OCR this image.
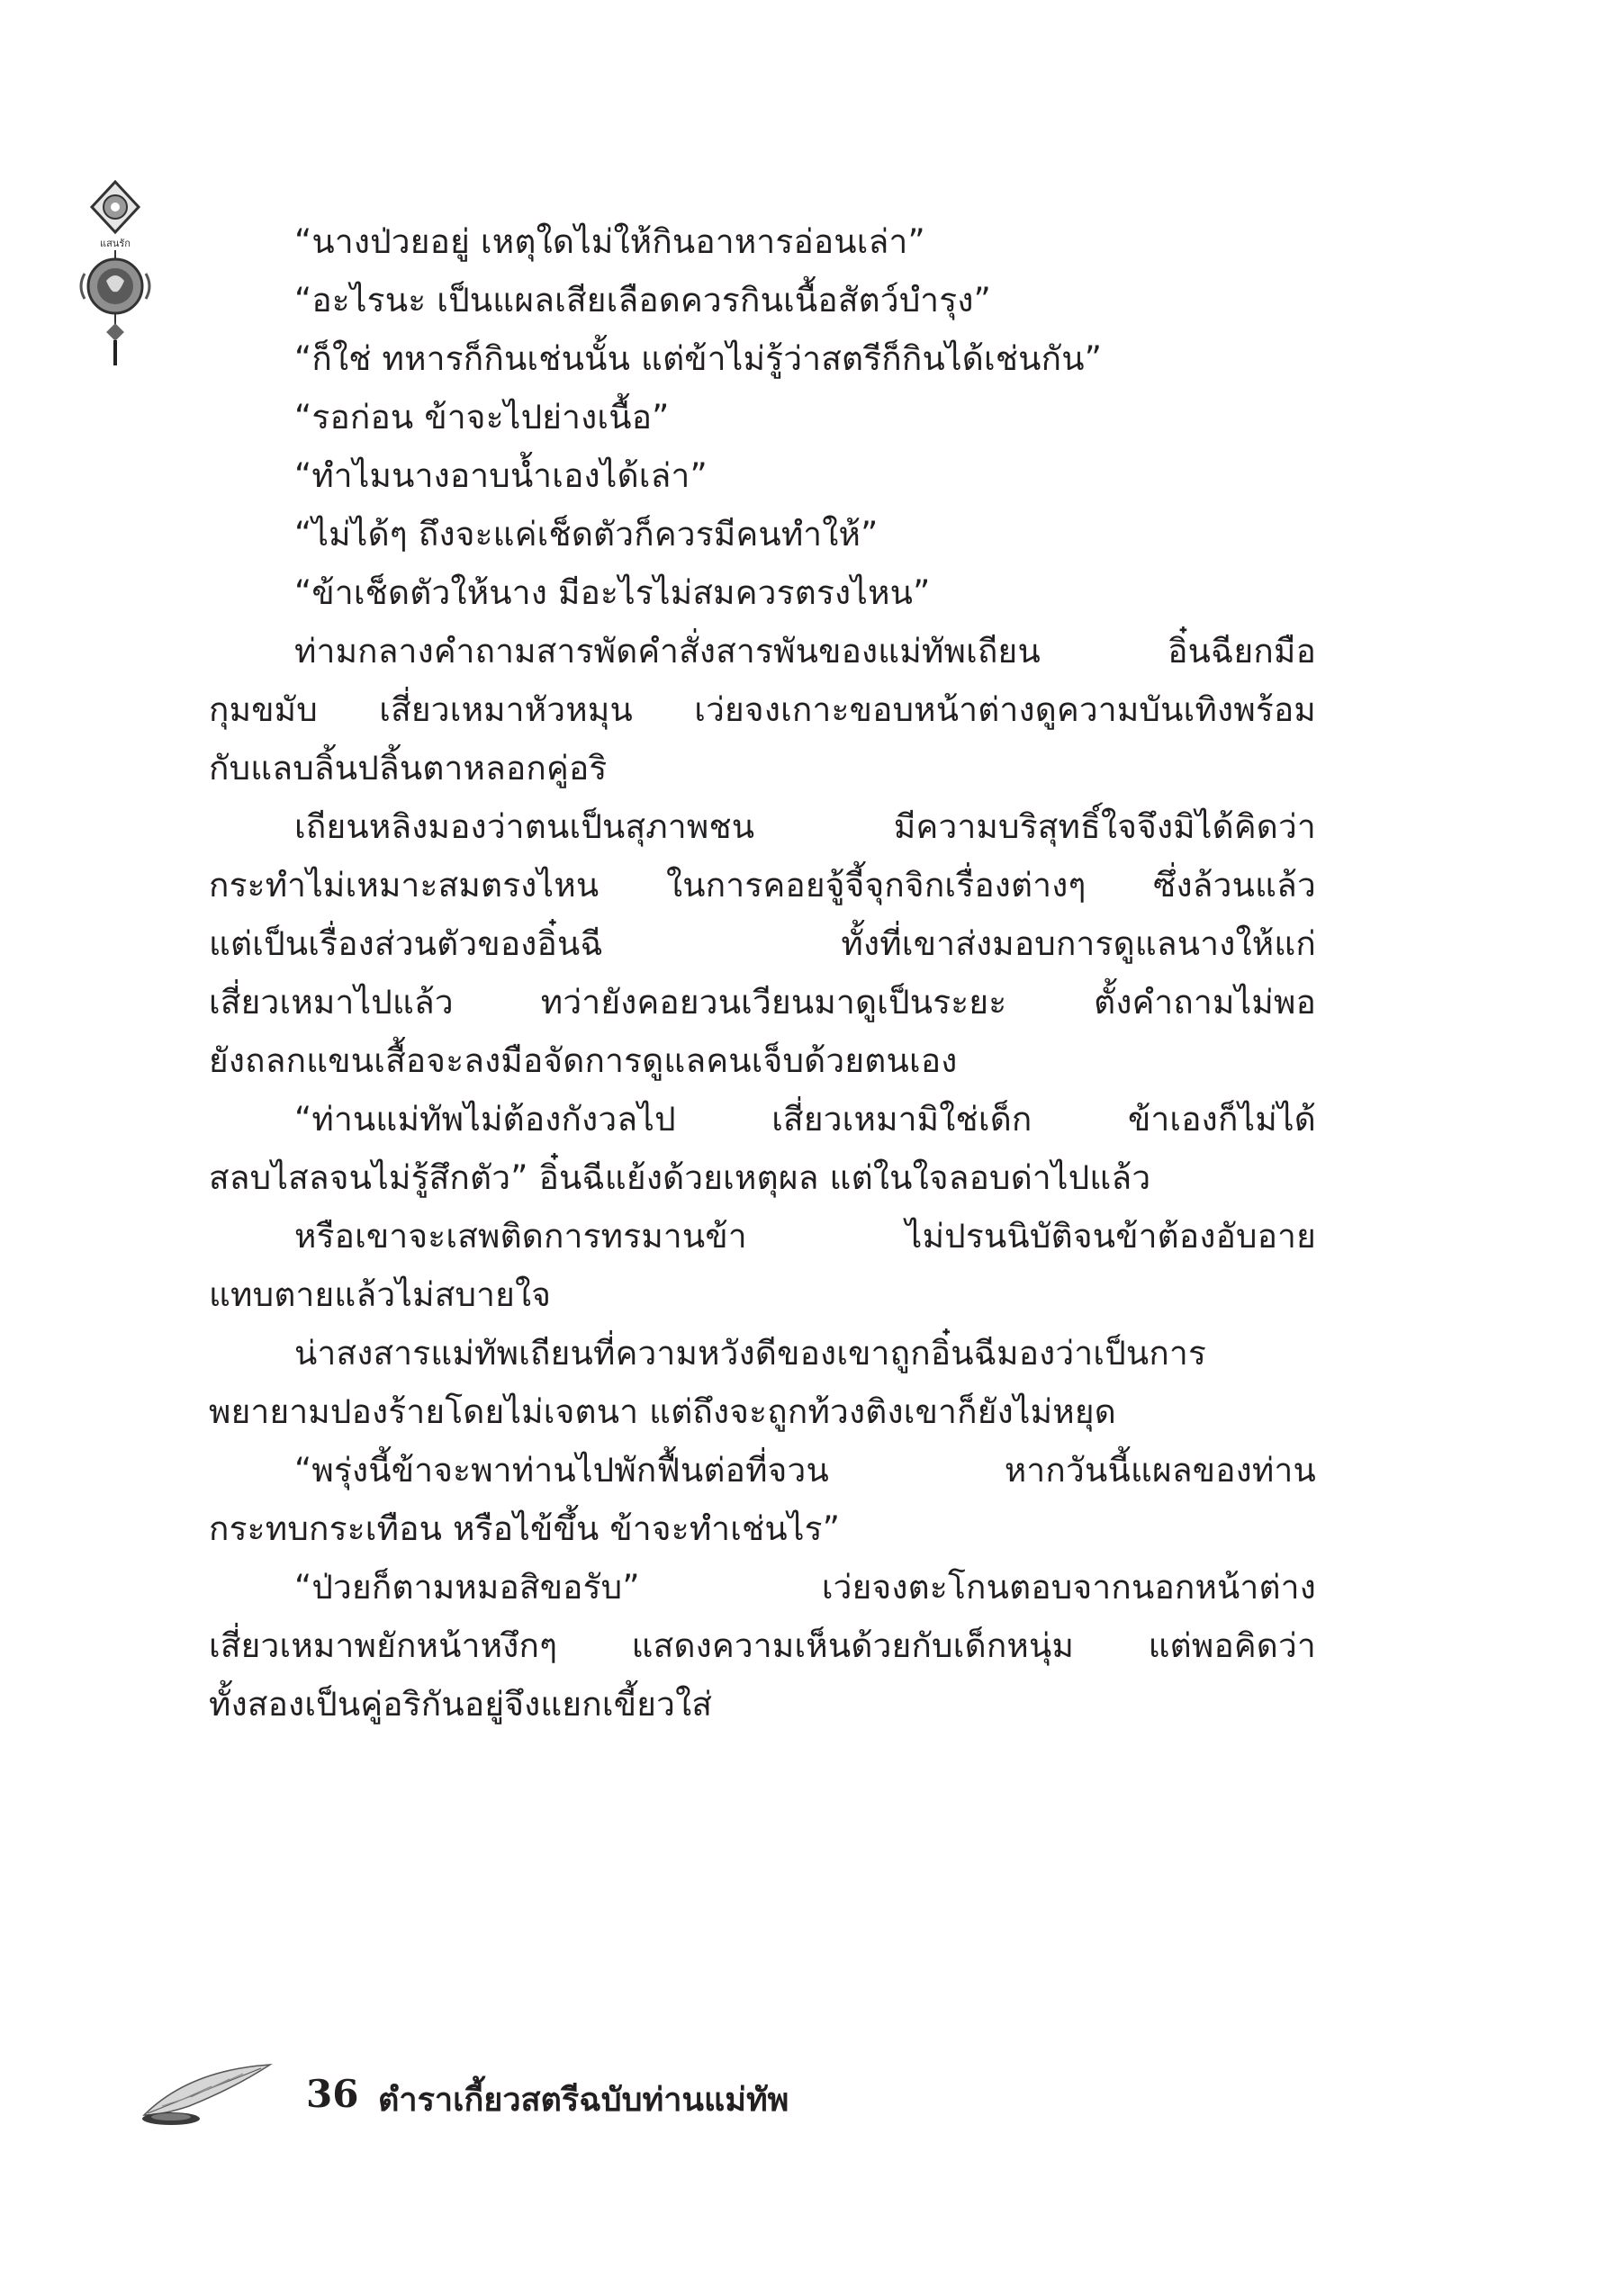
แสนรัก	“นางป่วยอยู่ เหตุใดไม่ให้กินอาหารอ่อนเล่า”
“อะไรนะ เป็นแผลเสียเลือดควรกินเนื้อสัตว์บำรุง”
“ก็ใช่ ทหารก็กินเช่นนั้น แต่ข้าไม่รู้ว่าสตรีก็กินได้เช่นกัน”
“รอก่อน ข้าจะไปย่างเนื้อ”
“ทำไมนางอาบน้ำเองได้เล่า”
“ไม่ได้ๆ ถึงจะแค่เช็ดตัวก็ควรมีคนทำให้”
“ข้าเช็ดตัวให้นาง มีอะไรไม่สมควรตรงไหน”
ท่ามกลางคำถามสารพัดคำสั่งสารพันของแม่ทัพเถียน อิ๋นฉียกมือ
กุมขมับ เสี่ยวเหมาหัวหมุน เว่ยจงเกาะขอบหน้าต่างดูความบันเทิงพร้อม
กับแลบลิ้นปลิ้นตาหลอกคู่อริ
เถียนหลิงมองว่าตนเป็นสุภาพชน มีความบริสุทธิ์ใจจึงมิได้คิดว่า
กระทำไม่เหมาะสมตรงไหน ในการคอยจู้จี้จุกจิกเรื่องต่างๆ ซึ่งล้วนแล้ว
แต่เป็นเรื่องส่วนตัวของอิ๋นฉี ทั้งที่เขาส่งมอบการดูแลนางให้แก่
เสี่ยวเหมาไปแล้ว ทว่ายังคอยวนเวียนมาดูเป็นระยะ ตั้งคำถามไม่พอ
ยังถลกแขนเสื้อจะลงมือจัดการดูแลคนเจ็บด้วยตนเอง
“ท่านแม่ทัพไม่ต้องกังวลไป เสี่ยวเหมามิใช่เด็ก ข้าเองก็ไม่ได้
สลบไสลจนไม่รู้สึกตัว” อิ๋นฉีแย้งด้วยเหตุผล แต่ในใจลอบด่าไปแล้ว
หรือเขาจะเสพติดการทรมานข้า ไม่ปรนนิบัติจนข้าต้องอับอาย
แทบตายแล้วไม่สบายใจ
น่าสงสารแม่ทัพเถียนที่ความหวังดีของเขาถูกอิ๋นฉีมองว่าเป็นการ
พยายามปองร้ายโดยไม่เจตนา แต่ถึงจะถูกท้วงติงเขาก็ยังไม่หยุด
“พรุ่งนี้ข้าจะพาท่านไปพักฟื้นต่อที่จวน หากวันนี้แผลของท่าน
กระทบกระเทือน หรือไข้ขึ้น ข้าจะทำเช่นไร”
“ป่วยก็ตามหมอสิขอรับ” เว่ยจงตะโกนตอบจากนอกหน้าต่าง
เสี่ยวเหมาพยักหน้าหงึกๆ แสดงความเห็นด้วยกับเด็กหนุ่ม แต่พอคิดว่า
ทั้งสองเป็นคู่อริกันอยู่จึงแยกเขี้ยวใส่
36 ตำราเกี้ยวสตรีฉบับท่านแม่ทัพ
